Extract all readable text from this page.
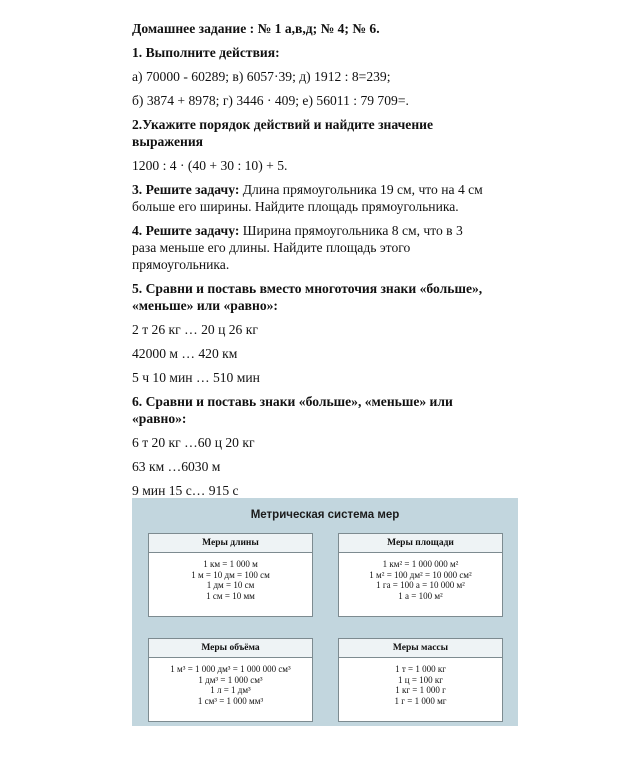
Домашнее задание : № 1 а,в,д; № 4; № 6.

1. Выполните действия:

а) 70000 - 60289; в) 6057·39; д) 1912 : 8=239;

б) 3874 + 8978; г) 3446 · 409; е) 56011 : 79 709=.

2.Укажите порядок действий и найдите значение

выражения

1200 : 4 · (40 + 30 : 10) + 5.

3. Решите задачу: Длина прямоугольника 19 см, что на 4 см

больше его ширины. Найдите площадь прямоугольника.

4. Решите задачу: Ширина прямоугольника 8 см, что в 3

раза меньше его длины. Найдите площадь этого

прямоугольника.

5. Сравни и поставь вместо многоточия знаки «больше»,

«меньше» или «равно»:

2 т 26 кг … 20 ц 26 кг

42000 м … 420 км

5 ч 10 мин … 510 мин

6. Сравни и поставь знаки «больше», «меньше» или

«равно»:

6 т 20 кг …60 ц 20 кг

63 км …6030 м

9 мин 15 с… 915 с

Метрическая система мер
Меры длины
1 км = 1 000 м
1 м = 10 дм = 100 см
1 дм = 10 см
1 см = 10 мм
Меры площади
1 км² = 1 000 000 м²
1 м² = 100 дм² = 10 000 см²
1 га = 100 а = 10 000 м²
1 а = 100 м²
Меры объёма
1 м³ = 1 000 дм³ = 1 000 000 см³
1 дм³ = 1 000 см³
1 л = 1 дм³
1 см³ = 1 000 мм³
Меры массы
1 т = 1 000 кг
1 ц = 100 кг
1 кг = 1 000 г
1 г = 1 000 мг
